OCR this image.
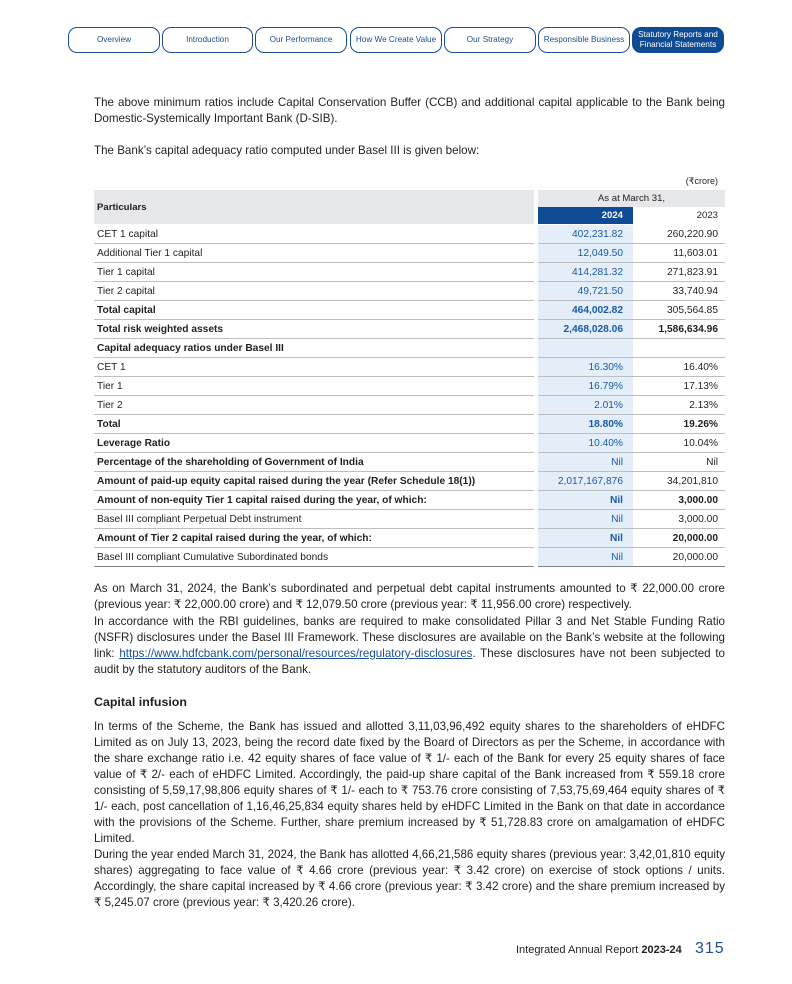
Overview	Introduction	Our Performance	How We Create Value	Our Strategy	Responsible Business
Statutory Reports and
Financial Statements

The above minimum ratios include Capital Conservation Buffer (CCB) and additional capital applicable to the Bank being Domestic-Systemically Important Bank (D-SIB).

The Bank’s capital adequacy ratio computed under Basel III is given below:

(₹crore)
Particulars
As at March 31,
2024	2023
CET 1 capital	402,231.82	260,220.90
Additional Tier 1 capital	12,049.50	11,603.01
Tier 1 capital	414,281.32	271,823.91
Tier 2 capital	49,721.50	33,740.94
Total capital	464,002.82	305,564.85
Total risk weighted assets	2,468,028.06	1,586,634.96
Capital adequacy ratios under Basel III
CET 1	16.30%	16.40%
Tier 1	16.79%	17.13%
Tier 2	2.01%	2.13%
Total	18.80%	19.26%
Leverage Ratio	10.40%	10.04%
Percentage of the shareholding of Government of India	Nil	Nil
Amount of paid-up equity capital raised during the year (Refer Schedule 18(1))	2,017,167,876	34,201,810
Amount of non-equity Tier 1 capital raised during the year, of which:	Nil	3,000.00
Basel III compliant Perpetual Debt instrument	Nil	3,000.00
Amount of Tier 2 capital raised during the year, of which:	Nil	20,000.00
Basel III compliant Cumulative Subordinated bonds	Nil	20,000.00

As on March 31, 2024, the Bank’s subordinated and perpetual debt capital instruments amounted to ₹ 22,000.00 crore (previous year: ₹ 22,000.00 crore) and ₹ 12,079.50 crore (previous year: ₹ 11,956.00 crore) respectively.

In accordance with the RBI guidelines, banks are required to make consolidated Pillar 3 and Net Stable Funding Ratio (NSFR) disclosures under the Basel III Framework. These disclosures are available on the Bank’s website at the following link: https://www.hdfcbank.com/personal/resources/regulatory-disclosures. These disclosures have not been subjected to audit by the statutory auditors of the Bank.

Capital infusion

In terms of the Scheme, the Bank has issued and allotted 3,11,03,96,492 equity shares to the shareholders of eHDFC Limited as on July 13, 2023, being the record date fixed by the Board of Directors as per the Scheme, in accordance with the share exchange ratio i.e. 42 equity shares of face value of ₹ 1/- each of the Bank for every 25 equity shares of face value of ₹ 2/- each of eHDFC Limited. Accordingly, the paid-up share capital of the Bank increased from ₹ 559.18 crore consisting of 5,59,17,98,806 equity shares of ₹ 1/- each to ₹ 753.76 crore consisting of 7,53,75,69,464 equity shares of ₹ 1/- each, post cancellation of 1,16,46,25,834 equity shares held by eHDFC Limited in the Bank on that date in accordance with the provisions of the Scheme. Further, share premium increased by ₹ 51,728.83 crore on amalgamation of eHDFC Limited.

During the year ended March 31, 2024, the Bank has allotted 4,66,21,586 equity shares (previous year: 3,42,01,810 equity shares) aggregating to face value of ₹ 4.66 crore (previous year: ₹ 3.42 crore) on exercise of stock options / units. Accordingly, the share capital increased by ₹ 4.66 crore (previous year: ₹ 3.42 crore) and the share premium increased by ₹ 5,245.07 crore (previous year: ₹ 3,420.26 crore).

Integrated Annual Report 2023-24 315
